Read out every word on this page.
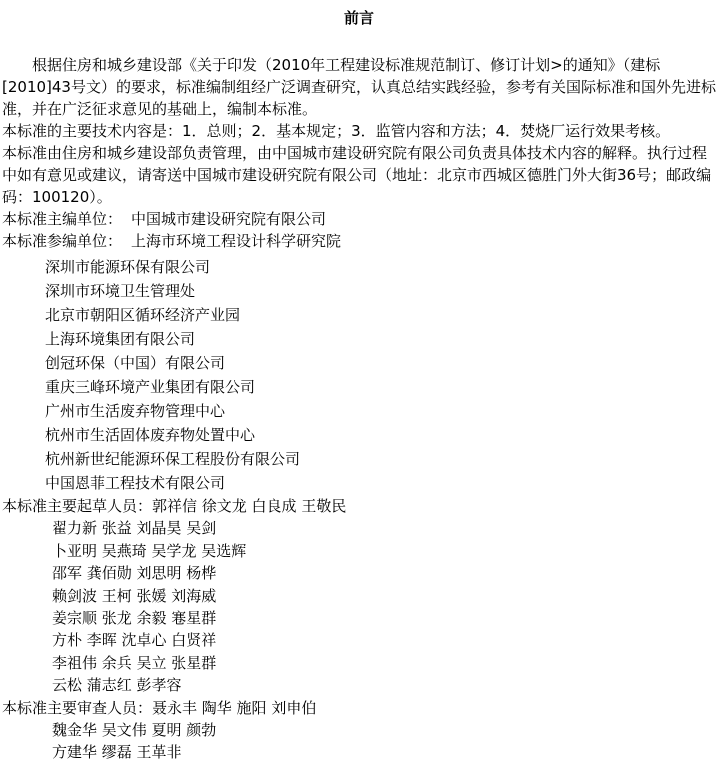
前言

根据住房和城乡建设部《关于印发（2010年工程建设标准规范制订、修订计划>的通知》（建标[2010]43号文）的要求，标准编制组经广泛调查研究，认真总结实践经验，参考有关国际标准和国外先进标准，并在广泛征求意见的基础上，编制本标准。

本标准的主要技术内容是：1．总则；2．基本规定；3．监管内容和方法；4．焚烧厂运行效果考核。

本标准由住房和城乡建设部负责管理，由中国城市建设研究院有限公司负责具体技术内容的解释。执行过程中如有意见或建议，请寄送中国城市建设研究院有限公司（地址：北京市西城区德胜门外大街36号；邮政编码：100120）。

本标准主编单位： 中国城市建设研究院有限公司

本标准参编单位： 上海市环境工程设计科学研究院

深圳市能源环保有限公司
深圳市环境卫生管理处
北京市朝阳区循环经济产业园
上海环境集团有限公司
创冠环保（中国）有限公司
重庆三峰环境产业集团有限公司
广州市生活废弃物管理中心
杭州市生活固体废弃物处置中心
杭州新世纪能源环保工程股份有限公司
中国恩菲工程技术有限公司

本标准主要起草人员：郭祥信 徐文龙 白良成 王敬民

翟力新 张益 刘晶昊 吴剑

卜亚明 吴燕琦 吴学龙 吴选辉

邵军 龚佰勋 刘思明 杨桦

赖剑波 王柯 张媛 刘海威

姜宗顺 张龙 余毅 寋星群

方朴 李晖 沈卓心 白贤祥

李祖伟 余兵 吴立 张星群

云松 蒲志红 彭孝容

本标准主要审查人员：聂永丰 陶华 施阳 刘申伯

魏金华 吴文伟 夏明 颜勃

方建华 缪磊 王革非
